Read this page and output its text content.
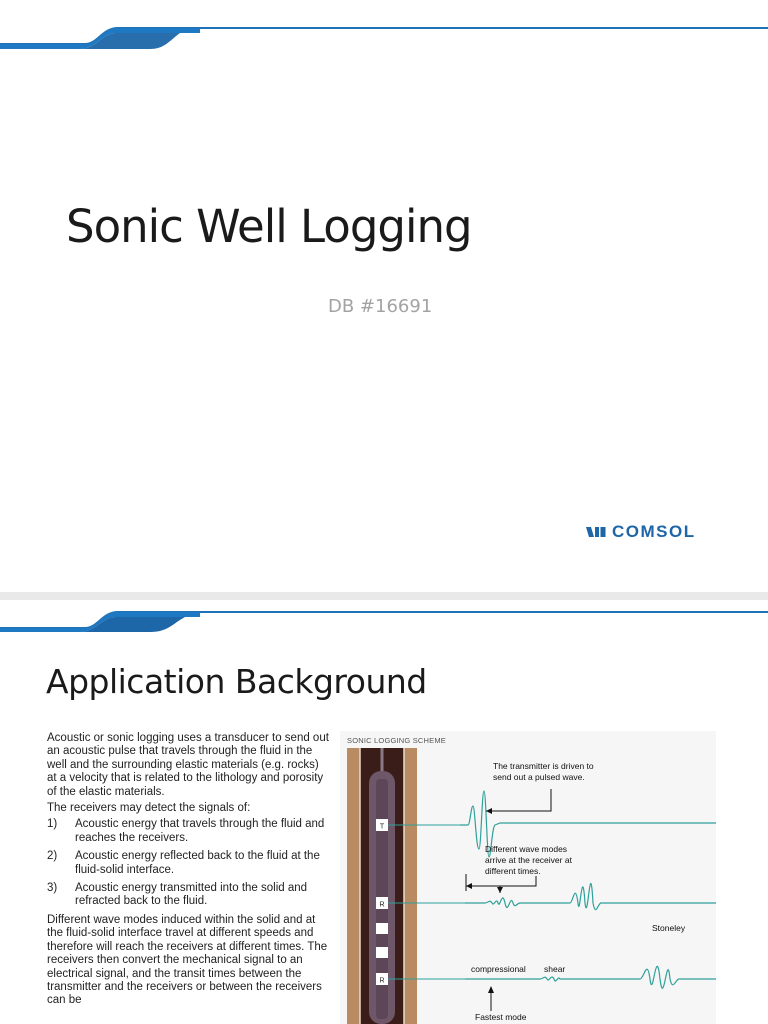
Sonic Well Logging
DB #16691
COMSOL
Application Background

Acoustic or sonic logging uses a transducer to send out an acoustic pulse that travels through the fluid in the well and the surrounding elastic materials (e.g. rocks) at a velocity that is related to the lithology and porosity of the elastic materials.

The receivers may detect the signals of:

1)	Acoustic energy that travels through the fluid and reaches the receivers.
2)	Acoustic energy reflected back to the fluid at the fluid-solid interface.
3)	Acoustic energy transmitted into the solid and refracted back to the fluid.

Different wave modes induced within the solid and at the fluid-solid interface travel at different speeds and therefore will reach the receivers at different times. The receivers then convert the mechanical signal to an electrical signal, and the transit times between the transmitter and the receivers or between the receivers can be

T
R
R
SONIC LOGGING SCHEME
The transmitter is driven to send out a pulsed wave.
Different wave modes arrive at the receiver at different times.
Stoneley
compressional shear
Fastest mode
